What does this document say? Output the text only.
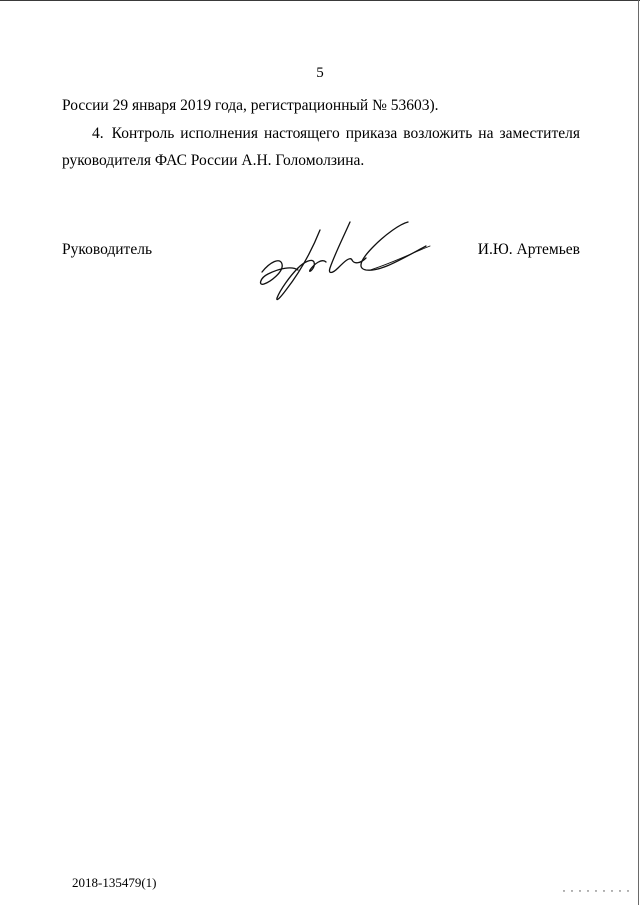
5
России 29 января 2019 года, регистрационный № 53603).
4. Контроль исполнения настоящего приказа возложить на заместителя
руководителя ФАС России А.Н. Голомолзина.
Руководитель	И.Ю. Артемьев
2018-135479(1)
